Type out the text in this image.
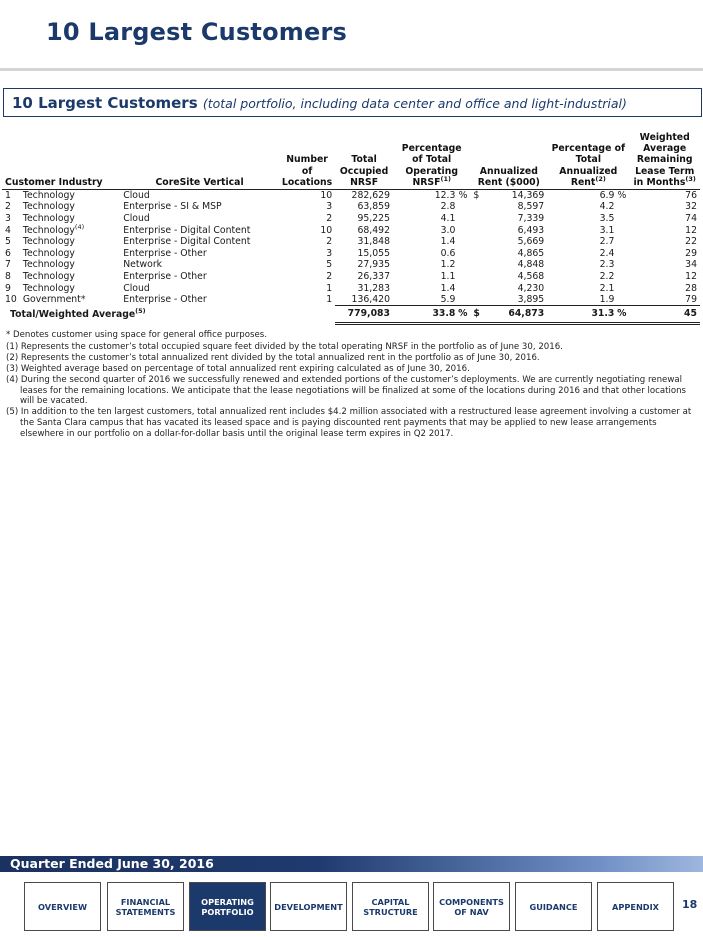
10 Largest Customers
10 Largest Customers (total portfolio, including data center and office and light-industrial)
Customer Industry		CoreSite Vertical	Number of Locations	Total Occupied NRSF	Percentage of Total Operating NRSF$^{(1)}$	Annualized Rent ($000)		Percentage of Total Annualized Rent$^{(2)}$	Weighted Average Remaining Lease Term in Months$^{(3)}$
1	Technology	Cloud	10	282,629	12.3 %	$	14,369	6.9 %	76
2	Technology	Enterprise - SI & MSP	3	63,859	2.8		8,597	4.2	32
3	Technology	Cloud	2	95,225	4.1		7,339	3.5	74
4	Technology$^{(4)}$	Enterprise - Digital Content	10	68,492	3.0		6,493	3.1	12
5	Technology	Enterprise - Digital Content	2	31,848	1.4		5,669	2.7	22
6	Technology	Enterprise - Other	3	15,055	0.6		4,865	2.4	29
7	Technology	Network	5	27,935	1.2		4,848	2.3	34
8	Technology	Enterprise - Other	2	26,337	1.1		4,568	2.2	12
9	Technology	Cloud	1	31,283	1.4		4,230	2.1	28
10	Government*	Enterprise - Other	1	136,420	5.9		3,895	1.9	79
Total/Weighted Average$^{(5)}$				779,083	33.8 %	$	64,873	31.3 %	45
* Denotes customer using space for general office purposes.
(1) Represents the customer’s total occupied square feet divided by the total operating NRSF in the portfolio as of June 30, 2016.
(2) Represents the customer’s total annualized rent divided by the total annualized rent in the portfolio as of June 30, 2016.
(3) Weighted average based on percentage of total annualized rent expiring calculated as of June 30, 2016.
(4) During the second quarter of 2016 we successfully renewed and extended portions of the customer’s deployments. We are currently negotiating renewal leases for the remaining locations. We anticipate that the lease negotiations will be finalized at some of the locations during 2016 and that other locations will be vacated.
(5) In addition to the ten largest customers, total annualized rent includes $4.2 million associated with a restructured lease agreement involving a customer at the Santa Clara campus that has vacated its leased space and is paying discounted rent payments that may be applied to new lease arrangements elsewhere in our portfolio on a dollar-for-dollar basis until the original lease term expires in Q2 2017.
Quarter Ended June 30, 2016
OVERVIEW	FINANCIAL STATEMENTS
OPERATING PORTFOLIO	DEVELOPMENT	CAPITAL STRUCTURE
COMPONENTS OF NAV	GUIDANCE	APPENDIX	18
